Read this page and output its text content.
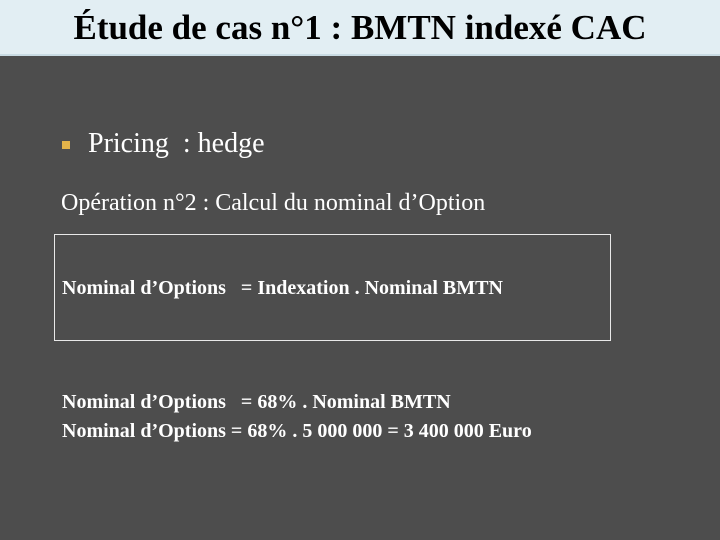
Étude de cas n°1 : BMTN indexé CAC
Pricing  : hedge
Opération n°2 : Calcul du nominal d’Option
Nominal d’Options   = Indexation . Nominal BMTN
Nominal d’Options   = 68% . Nominal BMTN
Nominal d’Options = 68% . 5 000 000 = 3 400 000 Euro
